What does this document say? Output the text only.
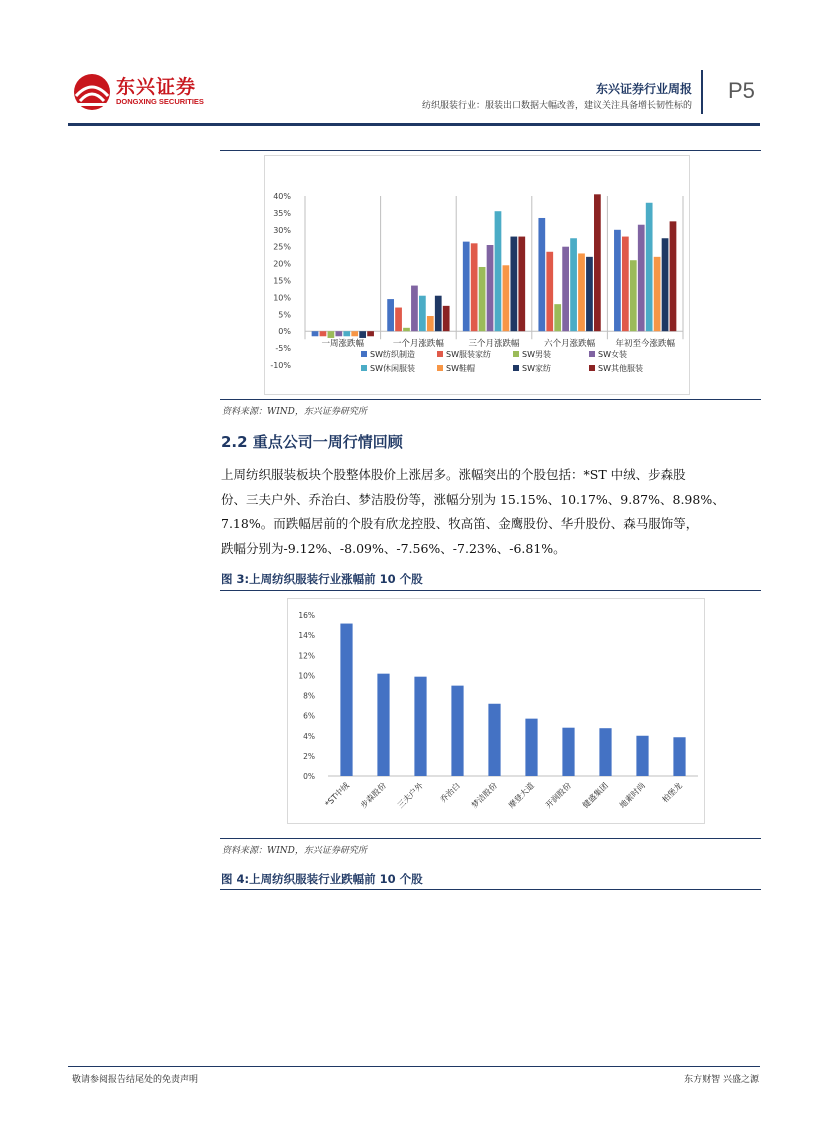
东兴证券
DONGXING SECURITIES
东兴证券行业周报
纺织服装行业：服装出口数据大幅改善，建议关注具备增长韧性标的
P5
40%
35%
30%
25%
20%
15%
10%
5%
0%
-5%
-10%
一周涨跌幅	一个月涨跌幅	三个月涨跌幅	六个月涨跌幅 年初至今涨跌幅
SW纺织制造	SW服装家纺	SW男装	SW女装
SW休闲服装	SW鞋帽	SW家纺	SW其他服装
资料来源：WIND，东兴证券研究所
2.2 重点公司一周行情回顾
上周纺织服装板块个股整体股价上涨居多。涨幅突出的个股包括：*ST 中绒、步森股
份、三夫户外、乔治白、梦洁股份等，涨幅分别为 15.15%、10.17%、9.87%、8.98%、
7.18%。而跌幅居前的个股有欣龙控股、牧高笛、金鹰股份、华升股份、森马服饰等，
跌幅分别为-9.12%、-8.09%、-7.56%、-7.23%、-6.81%。
图 3:上周纺织服装行业涨幅前 10 个股
16%
14%
12%
10%
8%
6%
4%
2%
0%
*ST中绒 步森股份 三夫户外 乔治白 梦洁股份 摩登大道 开润股份 健盛集团 地素时尚 柏堡龙
资料来源：WIND，东兴证券研究所
图 4:上周纺织服装行业跌幅前 10 个股
敬请参阅报告结尾处的免责声明	东方财智 兴盛之源
